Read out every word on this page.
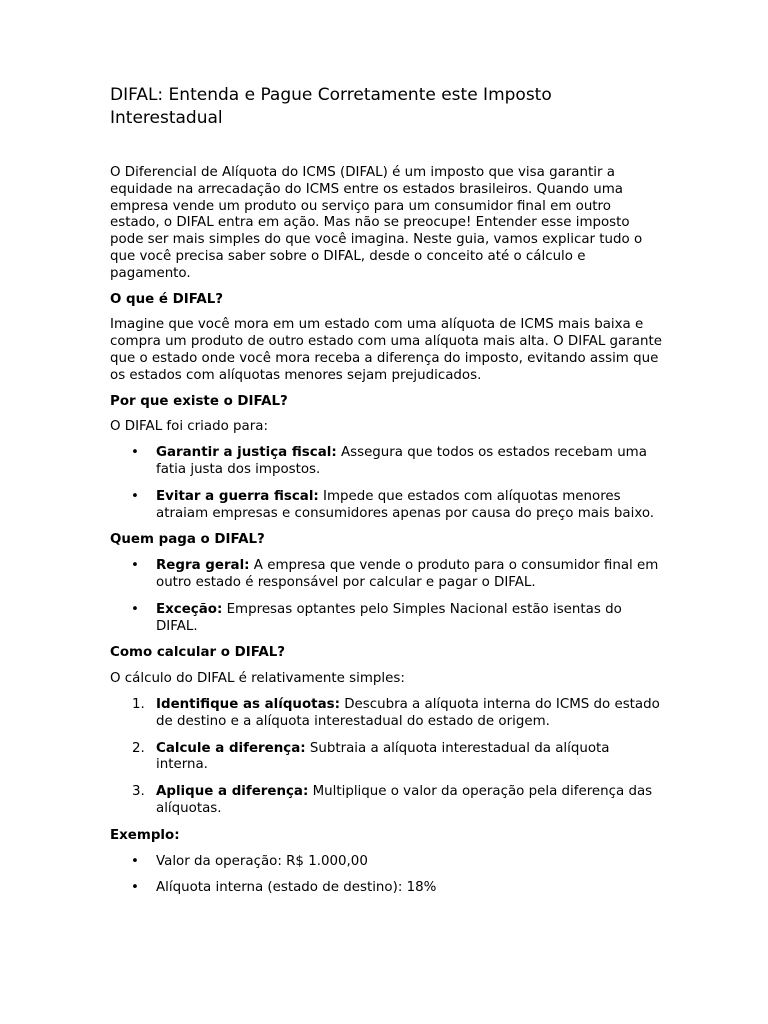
DIFAL: Entenda e Pague Corretamente este Imposto Interestadual

O Diferencial de Alíquota do ICMS (DIFAL) é um imposto que visa garantir a equidade na arrecadação do ICMS entre os estados brasileiros. Quando uma empresa vende um produto ou serviço para um consumidor final em outro estado, o DIFAL entra em ação. Mas não se preocupe! Entender esse imposto pode ser mais simples do que você imagina. Neste guia, vamos explicar tudo o que você precisa saber sobre o DIFAL, desde o conceito até o cálculo e pagamento.

O que é DIFAL?

Imagine que você mora em um estado com uma alíquota de ICMS mais baixa e compra um produto de outro estado com uma alíquota mais alta. O DIFAL garante que o estado onde você mora receba a diferença do imposto, evitando assim que os estados com alíquotas menores sejam prejudicados.

Por que existe o DIFAL?

O DIFAL foi criado para:

• Garantir a justiça fiscal: Assegura que todos os estados recebam uma fatia justa dos impostos.
• Evitar a guerra fiscal: Impede que estados com alíquotas menores atraiam empresas e consumidores apenas por causa do preço mais baixo.
Quem paga o DIFAL?
• Regra geral: A empresa que vende o produto para o consumidor final em outro estado é responsável por calcular e pagar o DIFAL.
• Exceção: Empresas optantes pelo Simples Nacional estão isentas do DIFAL.
Como calcular o DIFAL?

O cálculo do DIFAL é relativamente simples:

1. Identifique as alíquotas: Descubra a alíquota interna do ICMS do estado de destino e a alíquota interestadual do estado de origem.
2. Calcule a diferença: Subtraia a alíquota interestadual da alíquota interna.
3. Aplique a diferença: Multiplique o valor da operação pela diferença das alíquotas.
Exemplo:
• Valor da operação: R$ 1.000,00
• Alíquota interna (estado de destino): 18%
